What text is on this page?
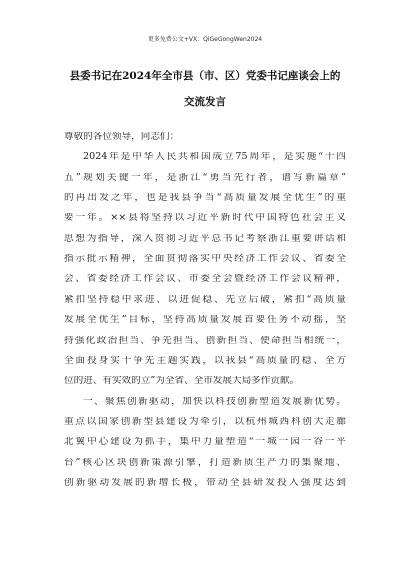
更多免费公文+VX：QiGeGongWen2024
县委书记在2024年全市县（市、区）党委书记座谈会上的
交流发言
尊敬的各位领导，同志们：
2024年是中华人民共和国成立75周年，是实施“十四
五”规划关键一年，是浙江“勇当先行者，谱写新篇章”
的再出发之年，也是我县争当“高质量发展全优生”的重
要一年。××县将坚持以习近平新时代中国特色社会主义
思想为指导，深入贯彻习近平总书记考察浙江重要讲话和
指示批示精神，全面贯彻落实中央经济工作会议、省委全
会、省委经济工作会议、市委全会暨经济工作会议精神，
紧扣坚持稳中求进、以进促稳、先立后破，紧扣“高质量
发展全优生”目标，坚持高质量发展首要任务不动摇，坚
持强化政治担当、争先担当、创新担当、使命担当相统一，
全面投身实干争先主题实践，以我县“高质量的稳、全方
位的进、有实效的立”为全省、全市发展大局多作贡献。
一、聚焦创新驱动，加快以科技创新塑造发展新优势。
重点以国家创新型县建设为牵引，以杭州城西科创大走廊
北翼中心建设为抓手，集中力量塑造“一城一园一谷一平
台”核心区块创新策源引擎，打造新质生产力的集聚地、
创新驱动发展的新增长极，带动全县研发投入强度达到
